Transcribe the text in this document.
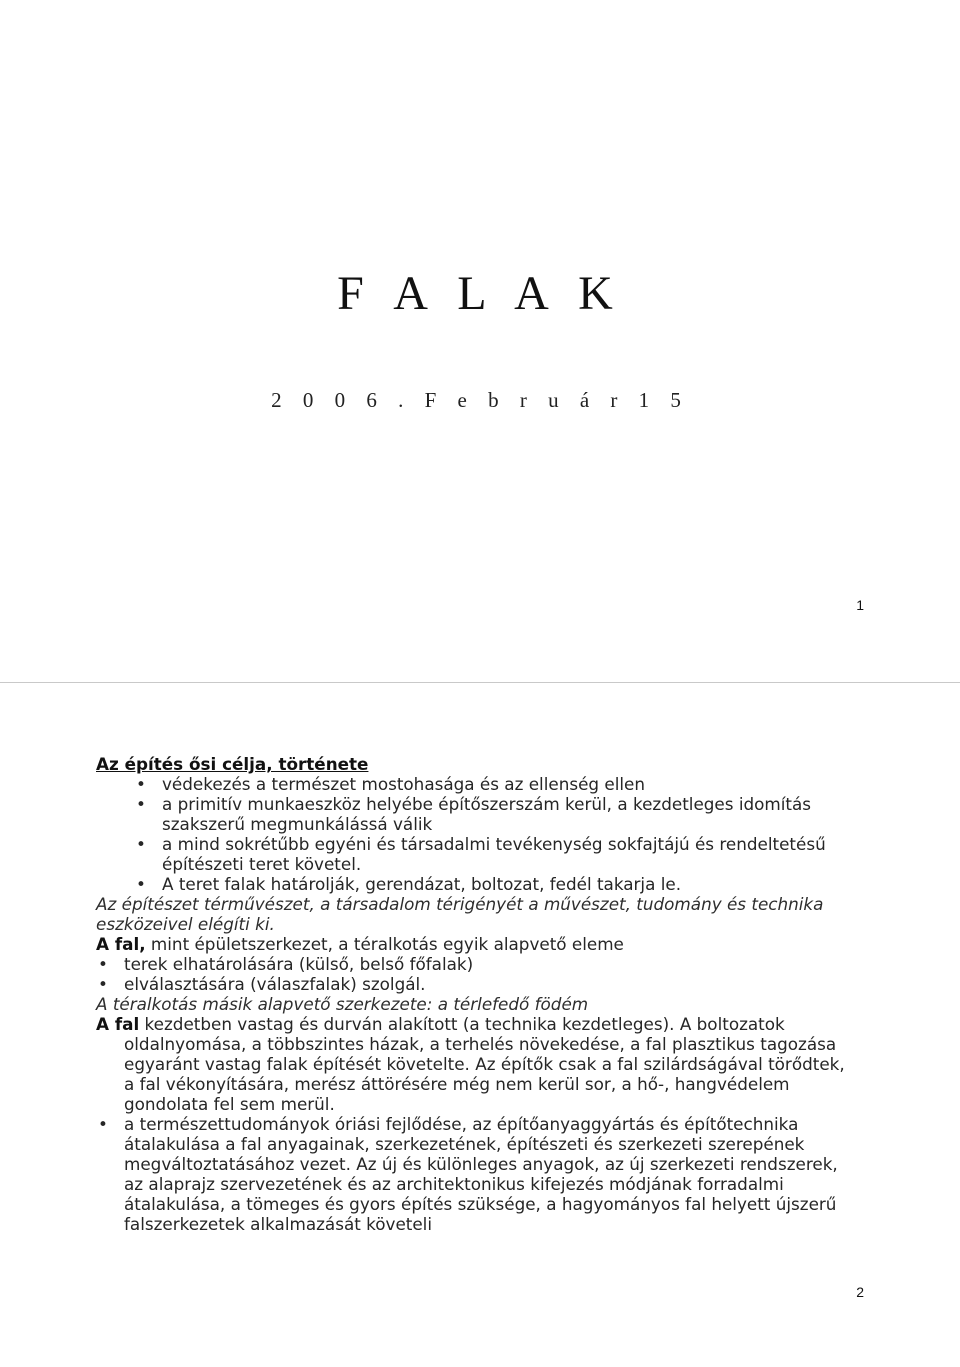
F A L A K
2 0 0 6 . F e b r u á r 1 5
1

Az építés ősi célja, története

• védekezés a természet mostohasága és az ellenség ellen

• a primitív munkaeszköz helyébe építőszerszám kerül, a kezdetleges idomítás szakszerű megmunkálássá válik

• a mind sokrétűbb egyéni és társadalmi tevékenység sokfajtájú és rendeltetésű építészeti teret követel.

• A teret falak határolják, gerendázat, boltozat, fedél takarja le.

Az építészet térművészet, a társadalom térigényét a művészet, tudomány és technika eszközeivel elégíti ki.

A fal, mint épületszerkezet, a téralkotás egyik alapvető eleme

• terek elhatárolására (külső, belső főfalak)

• elválasztására (válaszfalak) szolgál.

A téralkotás másik alapvető szerkezete: a térlefedő födém

A fal kezdetben vastag és durván alakított (a technika kezdetleges). A boltozatok oldalnyomása, a többszintes házak, a terhelés növekedése, a fal plasztikus tagozása egyaránt vastag falak építését követelte. Az építők csak a fal szilárdságával törődtek, a fal vékonyítására, merész áttörésére még nem kerül sor, a hő-, hangvédelem gondolata fel sem merül.

• a természettudományok óriási fejlődése, az építőanyaggyártás és építőtechnika átalakulása a fal anyagainak, szerkezetének, építészeti és szerkezeti szerepének megváltoztatásához vezet. Az új és különleges anyagok, az új szerkezeti rendszerek, az alaprajz szervezetének és az architektonikus kifejezés módjának forradalmi átalakulása, a tömeges és gyors építés szüksége, a hagyományos fal helyett újszerű falszerkezetek alkalmazását követeli

2
